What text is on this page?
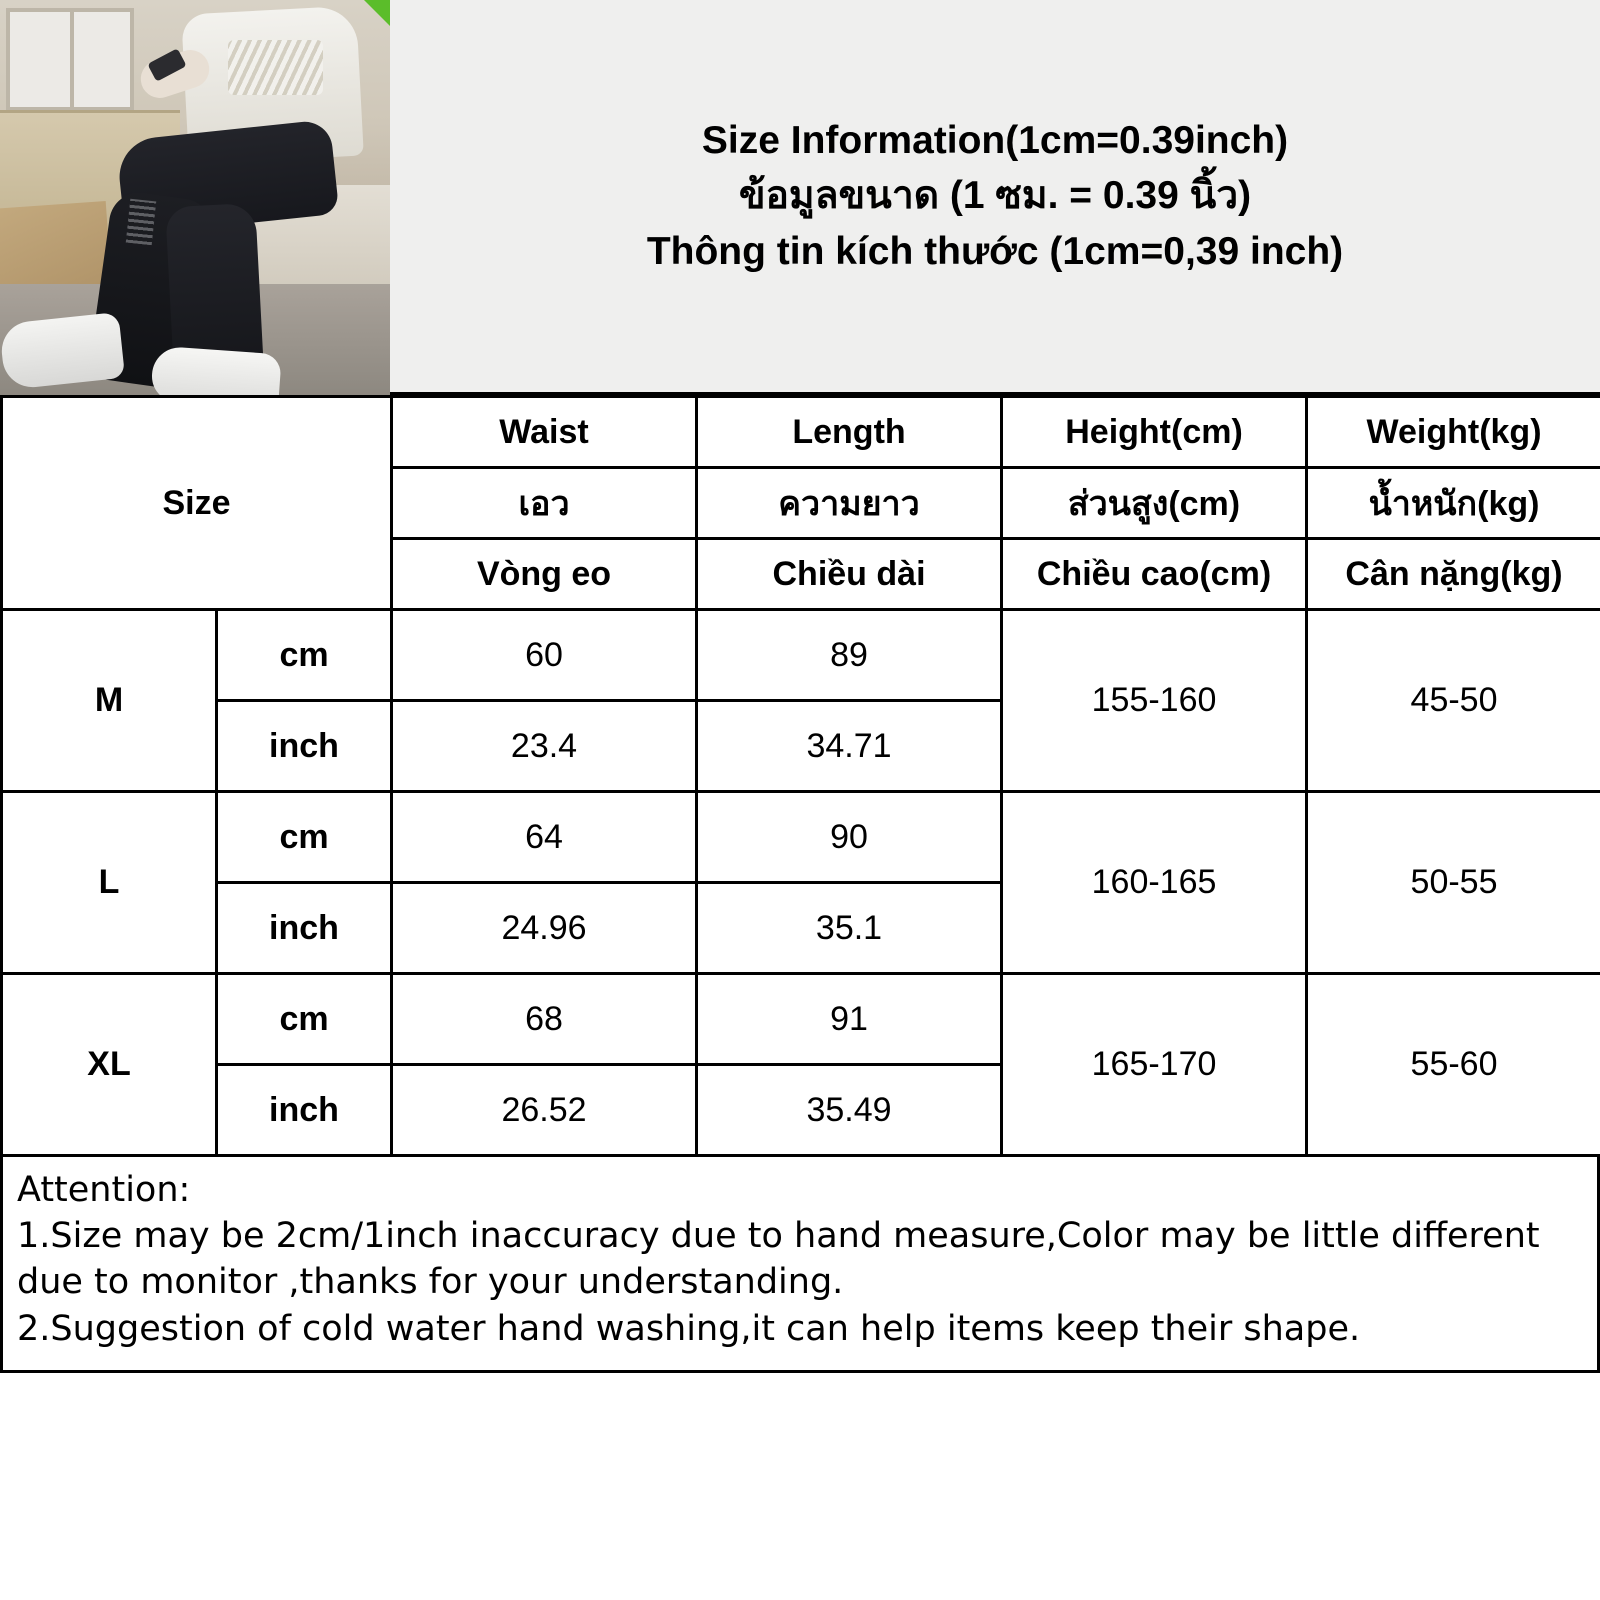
Size Information(1cm=0.39inch)
ข้อมูลขนาด (1 ซม. = 0.39 นิ้ว)
Thông tin kích thước (1cm=0,39 inch)
Size		Waist	Length	Height(cm)	Weight(kg)
		เอว	ความยาว	ส่วนสูง(cm)	น้ำหนัก(kg)
		Vòng eo	Chiều dài	Chiều cao(cm)	Cân nặng(kg)
M	cm	60	89	155-160	45-50
	inch	23.4	34.71		
L	cm	64	90	160-165	50-55
	inch	24.96	35.1		
XL	cm	68	91	165-170	55-60
	inch	26.52	35.49		
Attention:
1.Size may be 2cm/1inch inaccuracy due to hand measure,Color may be little different
due to monitor ,thanks for your understanding.
2.Suggestion of cold water hand washing,it can help items keep their shape.
